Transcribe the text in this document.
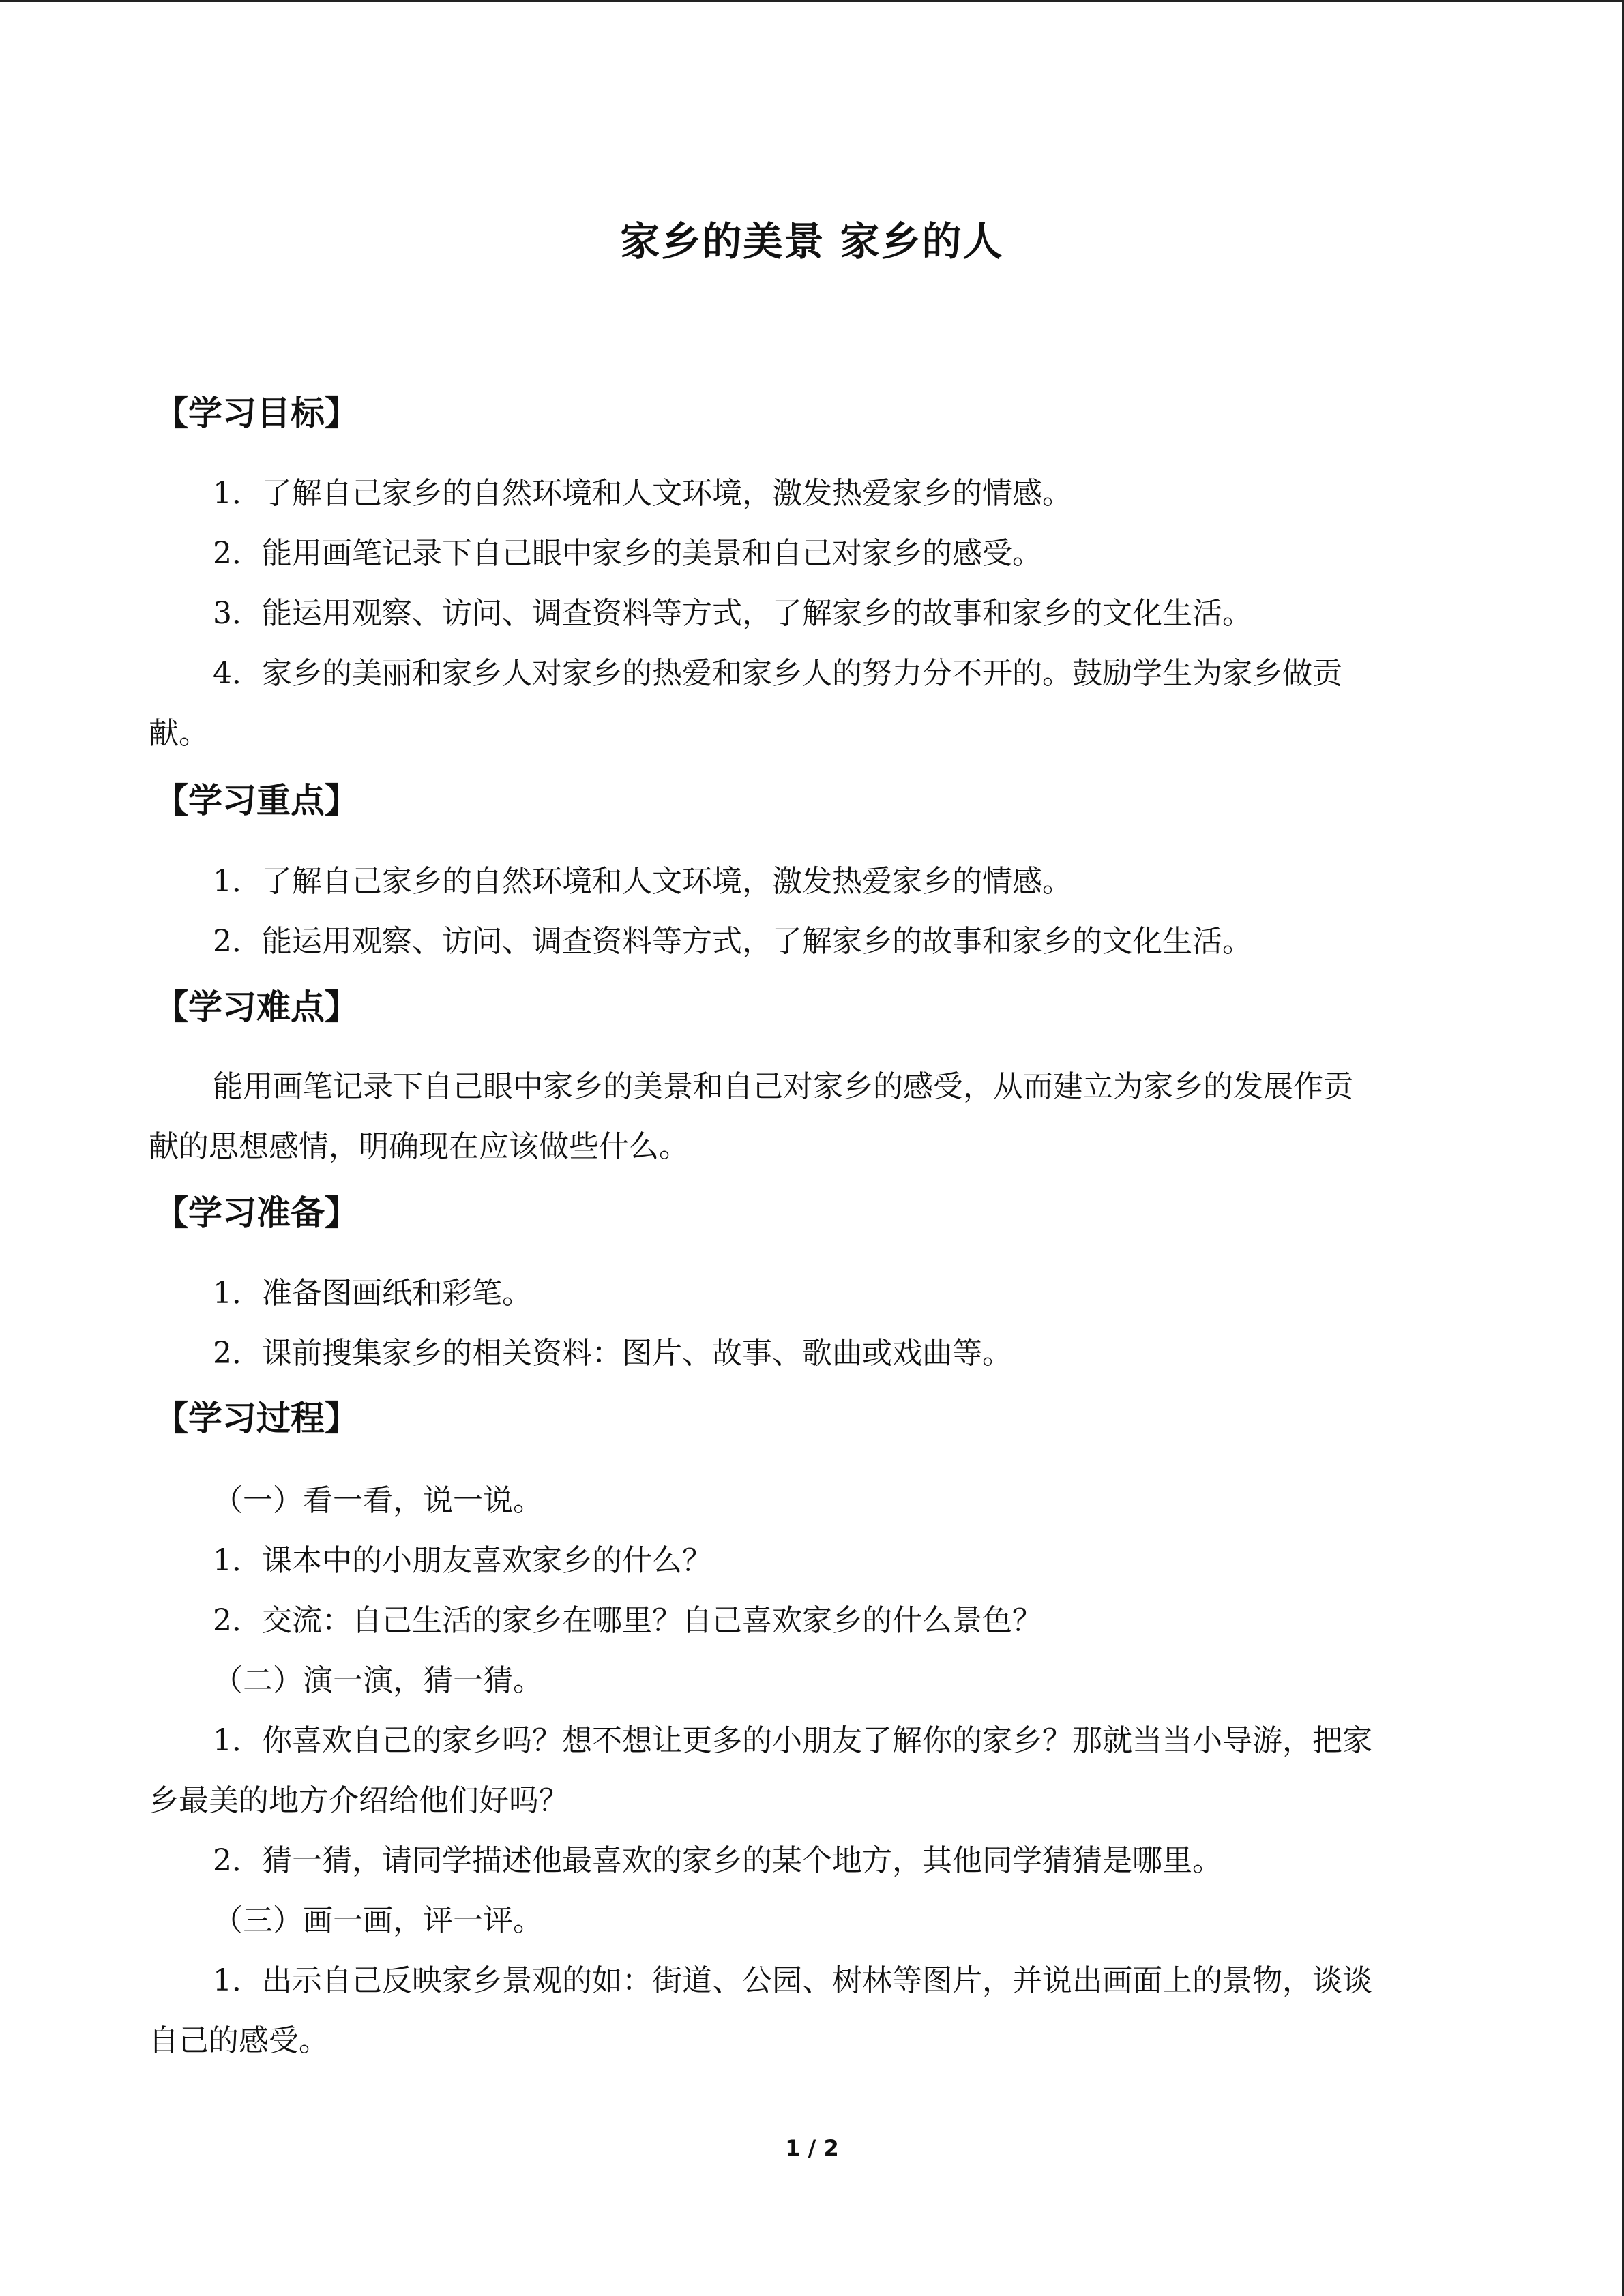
家乡的美景 家乡的人
【学习目标】
1．了解自己家乡的自然环境和人文环境，激发热爱家乡的情感。
2．能用画笔记录下自己眼中家乡的美景和自己对家乡的感受。
3．能运用观察、访问、调查资料等方式，了解家乡的故事和家乡的文化生活。
4．家乡的美丽和家乡人对家乡的热爱和家乡人的努力分不开的。鼓励学生为家乡做贡
献。
【学习重点】
1．了解自己家乡的自然环境和人文环境，激发热爱家乡的情感。
2．能运用观察、访问、调查资料等方式，了解家乡的故事和家乡的文化生活。
【学习难点】
能用画笔记录下自己眼中家乡的美景和自己对家乡的感受，从而建立为家乡的发展作贡
献的思想感情，明确现在应该做些什么。
【学习准备】
1．准备图画纸和彩笔。
2．课前搜集家乡的相关资料：图片、故事、歌曲或戏曲等。
【学习过程】
（一）看一看，说一说。
1．课本中的小朋友喜欢家乡的什么？
2．交流：自己生活的家乡在哪里？自己喜欢家乡的什么景色？
（二）演一演，猜一猜。
1．你喜欢自己的家乡吗？想不想让更多的小朋友了解你的家乡？那就当当小导游，把家
乡最美的地方介绍给他们好吗？
2．猜一猜，请同学描述他最喜欢的家乡的某个地方，其他同学猜猜是哪里。
（三）画一画，评一评。
1．出示自己反映家乡景观的如：街道、公园、树林等图片，并说出画面上的景物，谈谈
自己的感受。
1 / 2
